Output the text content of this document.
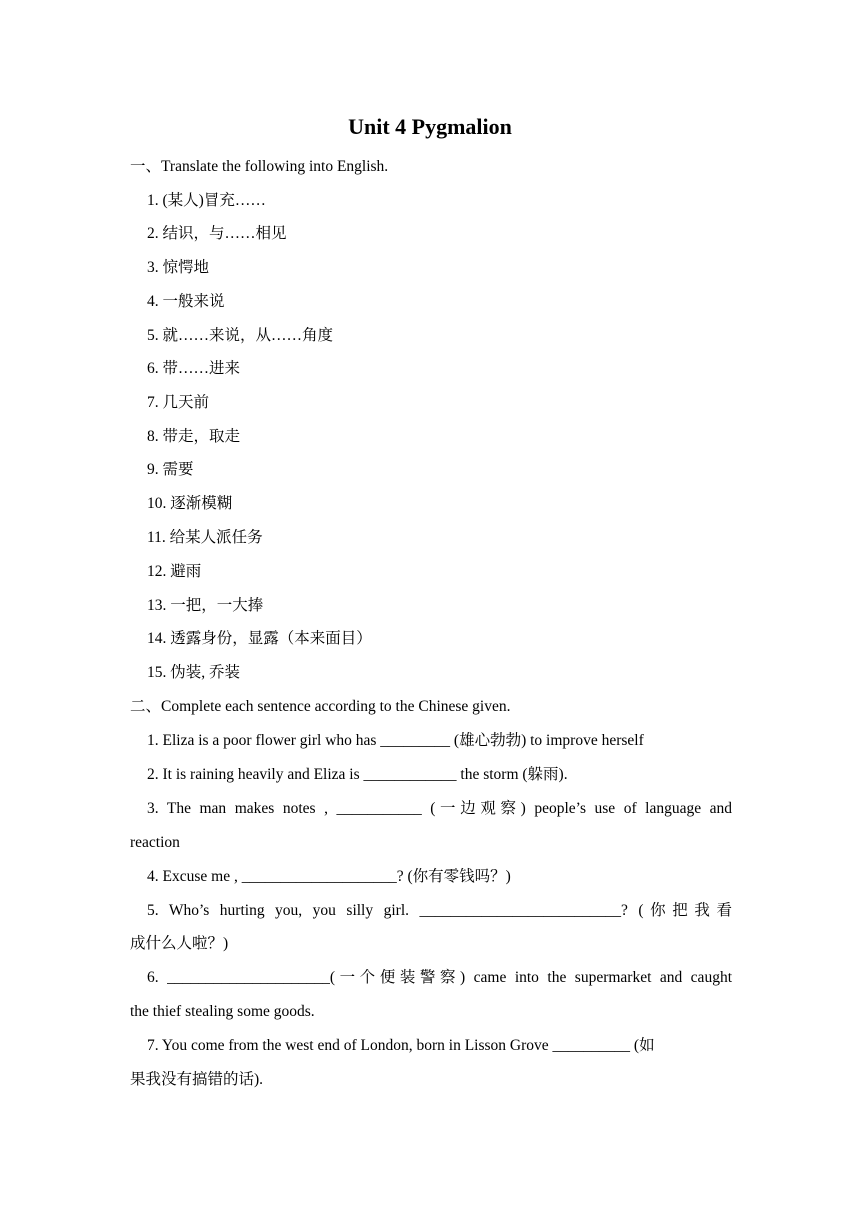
Unit 4 Pygmalion
一、Translate the following into English.
1. (某人)冒充……
2. 结识，与……相见
3. 惊愕地
4. 一般来说
5. 就……来说，从……角度
6. 带……进来
7. 几天前
8. 带走，取走
9. 需要
10. 逐渐模糊
11. 给某人派任务
12. 避雨
13. 一把，一大捧
14. 透露身份，显露（本来面目）
15. 伪装, 乔装
二、Complete each sentence according to the Chinese given.
1. Eliza is a poor flower girl who has _________ (雄心勃勃) to improve herself
2. It is raining heavily and Eliza is ____________ the storm (躲雨).
3. The man makes notes , ___________ (一边观察) people’s use of language and
reaction
4. Excuse me , ____________________? (你有零钱吗？)
5. Who’s hurting you, you silly girl. __________________________? (你把我看
成什么人啦？)
6. _____________________(一个便装警察) came into the supermarket and caught
the thief stealing some goods.
7. You come from the west end of London, born in Lisson Grove __________ (如
果我没有搞错的话).
